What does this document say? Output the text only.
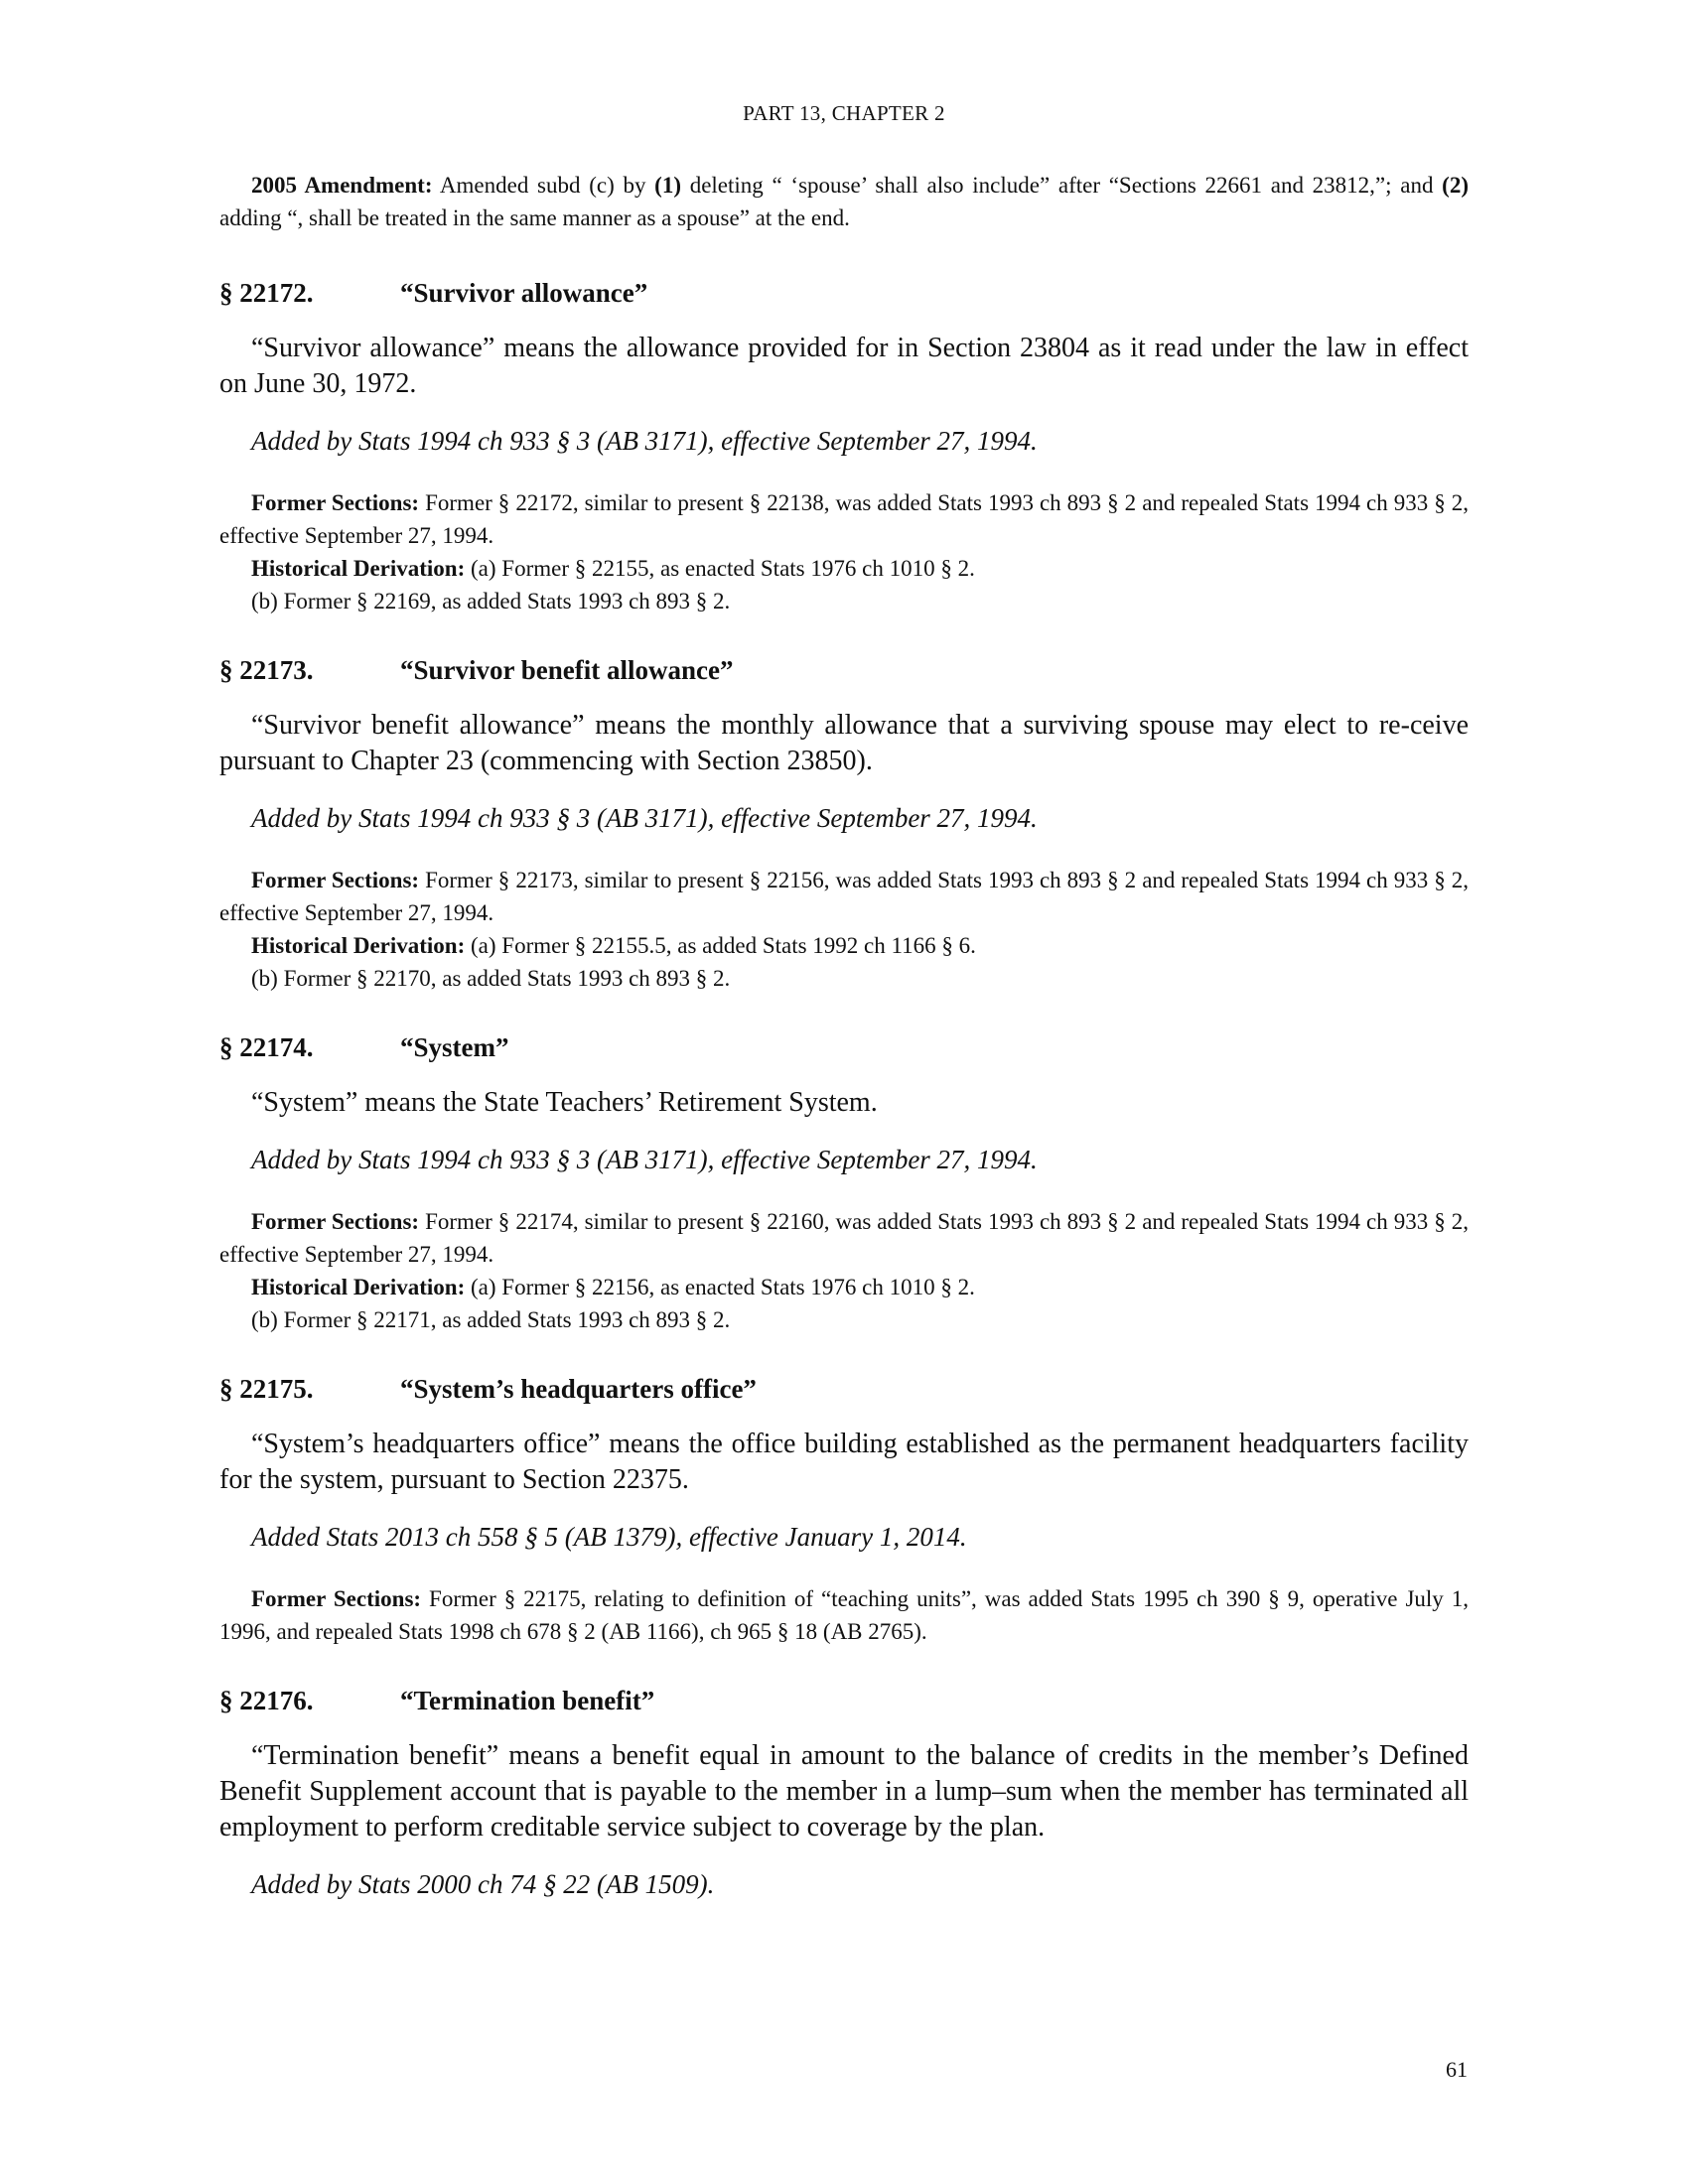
PART 13, CHAPTER 2

2005 Amendment: Amended subd (c) by (1) deleting “ ‘spouse’ shall also include” after “Sections 22661 and 23812,”; and (2) adding “, shall be treated in the same manner as a spouse” at the end.

§ 22172.	“Survivor allowance”

“Survivor allowance” means the allowance provided for in Section 23804 as it read under the law in effect on June 30, 1972.

Added by Stats 1994 ch 933 § 3 (AB 3171), effective September 27, 1994.

Former Sections: Former § 22172, similar to present § 22138, was added Stats 1993 ch 893 § 2 and repealed Stats 1994 ch 933 § 2, effective September 27, 1994.

Historical Derivation: (a) Former § 22155, as enacted Stats 1976 ch 1010 § 2.

(b) Former § 22169, as added Stats 1993 ch 893 § 2.

§ 22173.	“Survivor benefit allowance”

“Survivor benefit allowance” means the monthly allowance that a surviving spouse may elect to re-ceive pursuant to Chapter 23 (commencing with Section 23850).

Added by Stats 1994 ch 933 § 3 (AB 3171), effective September 27, 1994.

Former Sections: Former § 22173, similar to present § 22156, was added Stats 1993 ch 893 § 2 and repealed Stats 1994 ch 933 § 2, effective September 27, 1994.

Historical Derivation: (a) Former § 22155.5, as added Stats 1992 ch 1166 § 6.

(b) Former § 22170, as added Stats 1993 ch 893 § 2.

§ 22174.	“System”

“System” means the State Teachers’ Retirement System.

Added by Stats 1994 ch 933 § 3 (AB 3171), effective September 27, 1994.

Former Sections: Former § 22174, similar to present § 22160, was added Stats 1993 ch 893 § 2 and repealed Stats 1994 ch 933 § 2, effective September 27, 1994.

Historical Derivation: (a) Former § 22156, as enacted Stats 1976 ch 1010 § 2.

(b) Former § 22171, as added Stats 1993 ch 893 § 2.

§ 22175.	“System’s headquarters office”

“System’s headquarters office” means the office building established as the permanent headquarters facility for the system, pursuant to Section 22375.

Added Stats 2013 ch 558 § 5 (AB 1379), effective January 1, 2014.

Former Sections: Former § 22175, relating to definition of “teaching units”, was added Stats 1995 ch 390 § 9, operative July 1, 1996, and repealed Stats 1998 ch 678 § 2 (AB 1166), ch 965 § 18 (AB 2765).

§ 22176.	“Termination benefit”

“Termination benefit” means a benefit equal in amount to the balance of credits in the member’s Defined Benefit Supplement account that is payable to the member in a lump–sum when the member has terminated all employment to perform creditable service subject to coverage by the plan.

Added by Stats 2000 ch 74 § 22 (AB 1509).

61
